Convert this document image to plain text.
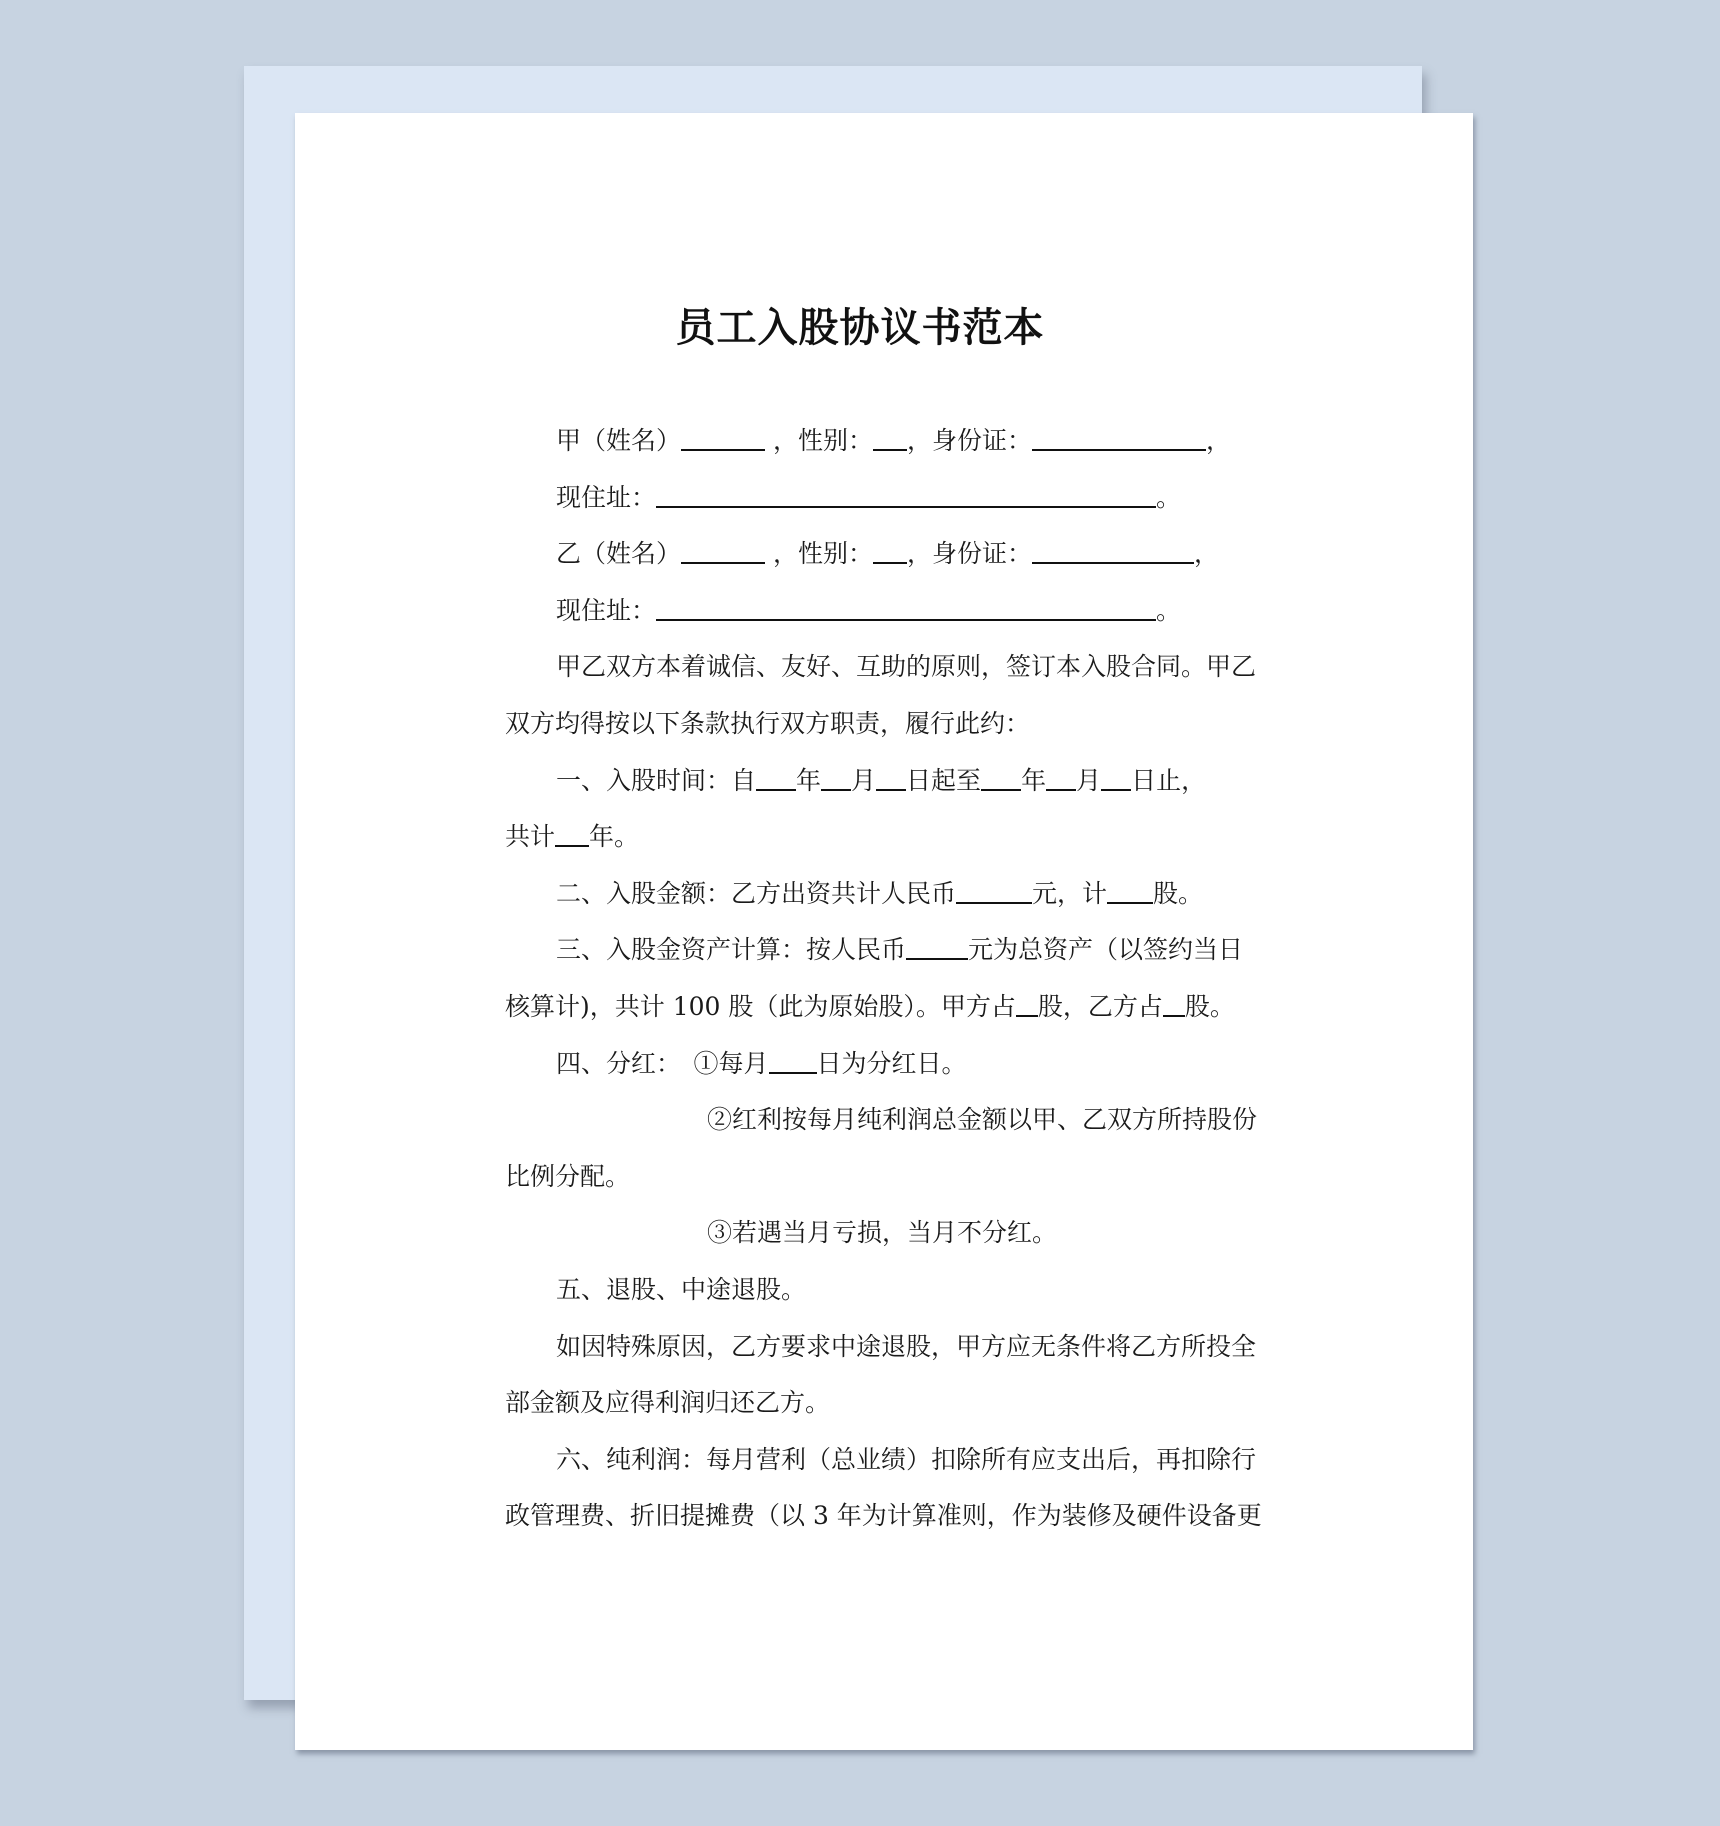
员工入股协议书范本
甲（姓名）	，性别： ，身份证：	，
现住址：	。
乙（姓名）	，性别： ，身份证：	，
现住址：	。
甲乙双方本着诚信、友好、互助的原则，签订本入股合同。甲乙
双方均得按以下条款执行双方职责，履行此约：
一、入股时间：自 年 月 日起至 年 月 日止，
共计 年。
二、入股金额：乙方出资共计人民币	元，计 股。
三、入股金资产计算：按人民币 元为总资产（以签约当日
核算计)，共计 100 股（此为原始股）。甲方占 股，乙方占 股。
四、分红：　①每月 日为分红日。
②红利按每月纯利润总金额以甲、乙双方所持股份
比例分配。
③若遇当月亏损，当月不分红。
五、退股、中途退股。
如因特殊原因，乙方要求中途退股，甲方应无条件将乙方所投全
部金额及应得利润归还乙方。
六、纯利润：每月营利（总业绩）扣除所有应支出后，再扣除行
政管理费、折旧提摊费（以 3 年为计算准则，作为装修及硬件设备更
